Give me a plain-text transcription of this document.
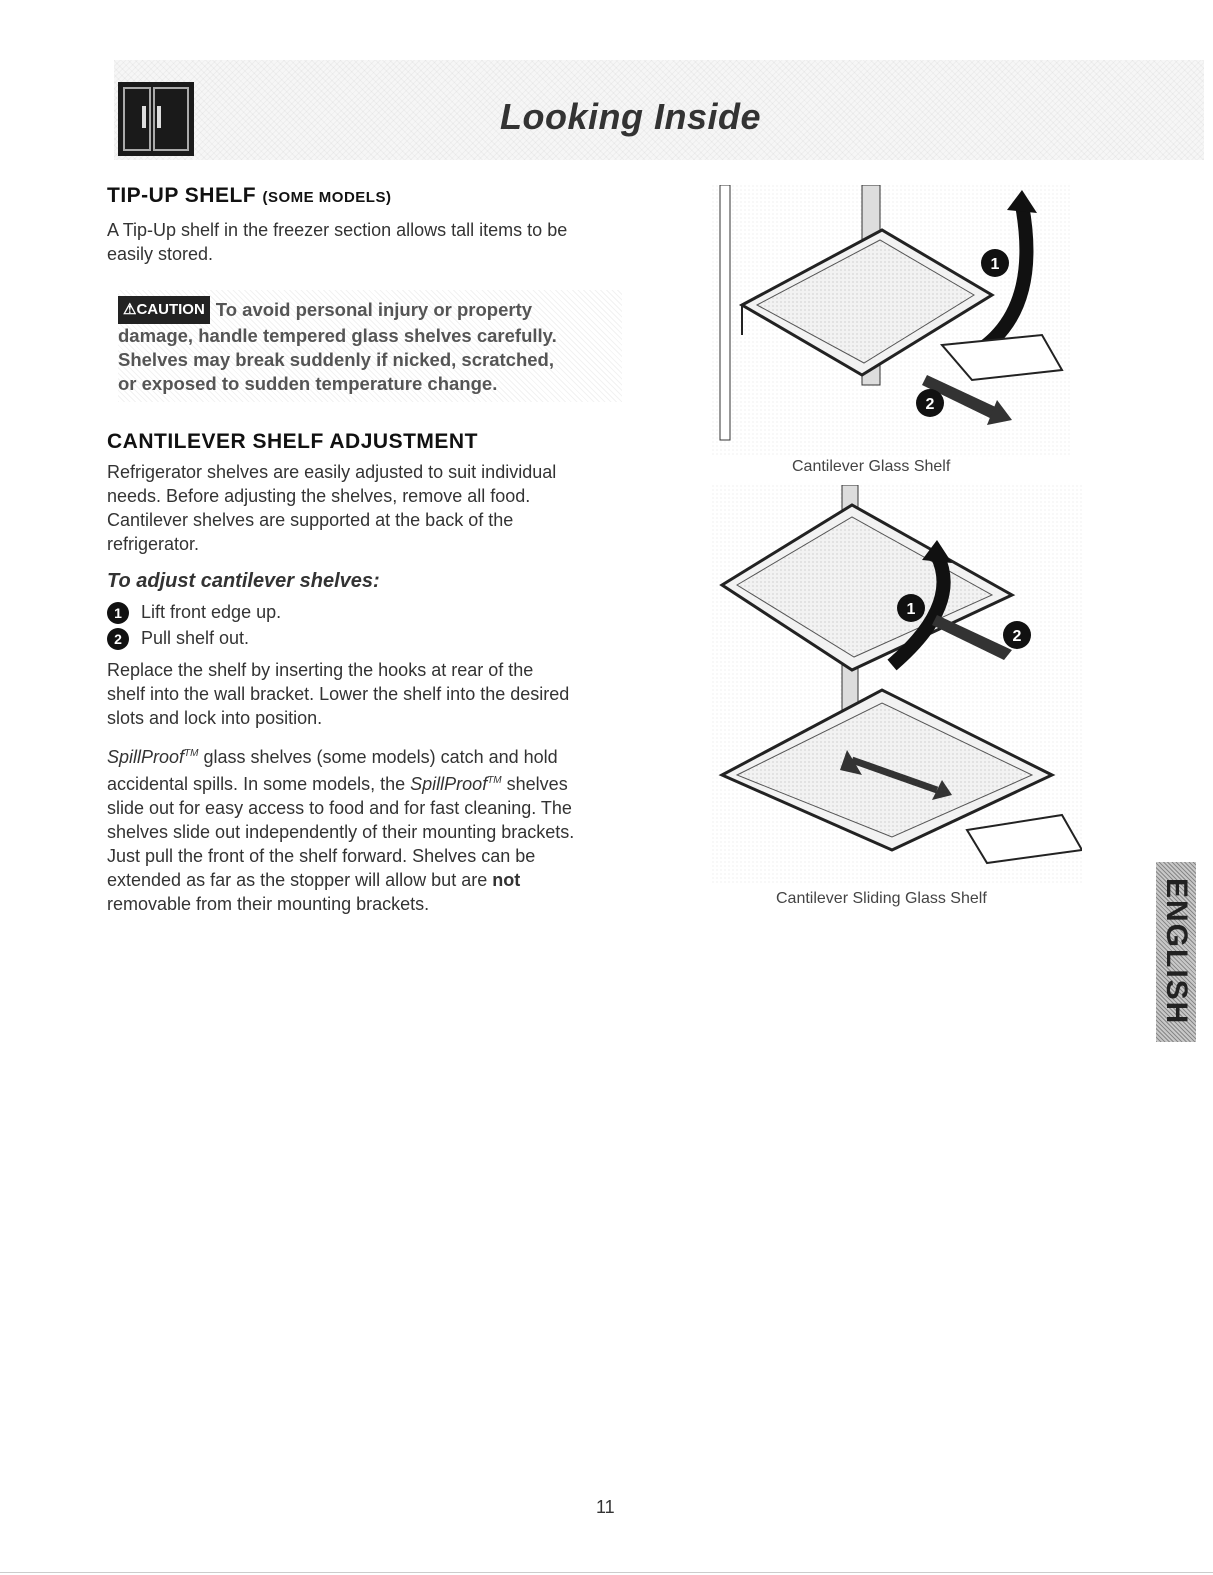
Looking Inside
TIP-UP SHELF (SOME MODELS)
A Tip-Up shelf in the freezer section allows tall items to be
easily stored.
⚠CAUTION To avoid personal injury or property
damage, handle tempered glass shelves carefully.
Shelves may break suddenly if nicked, scratched,
or exposed to sudden temperature change.
CANTILEVER SHELF ADJUSTMENT
Refrigerator shelves are easily adjusted to suit individual
needs. Before adjusting the shelves, remove all food.
Cantilever shelves are supported at the back of the
refrigerator.
To adjust cantilever shelves:
1 Lift front edge up.
2 Pull shelf out.
Replace the shelf by inserting the hooks at rear of the
shelf into the wall bracket. Lower the shelf into the desired
slots and lock into position.
SpillProof™ glass shelves (some models) catch and hold
accidental spills. In some models, the SpillProof™ shelves
slide out for easy access to food and for fast cleaning. The
shelves slide out independently of their mounting brackets.
Just pull the front of the shelf forward. Shelves can be
extended as far as the stopper will allow but are not
removable from their mounting brackets.
1
2
Cantilever Glass Shelf
1
2
Cantilever Sliding Glass Shelf	ENGLISH
11
